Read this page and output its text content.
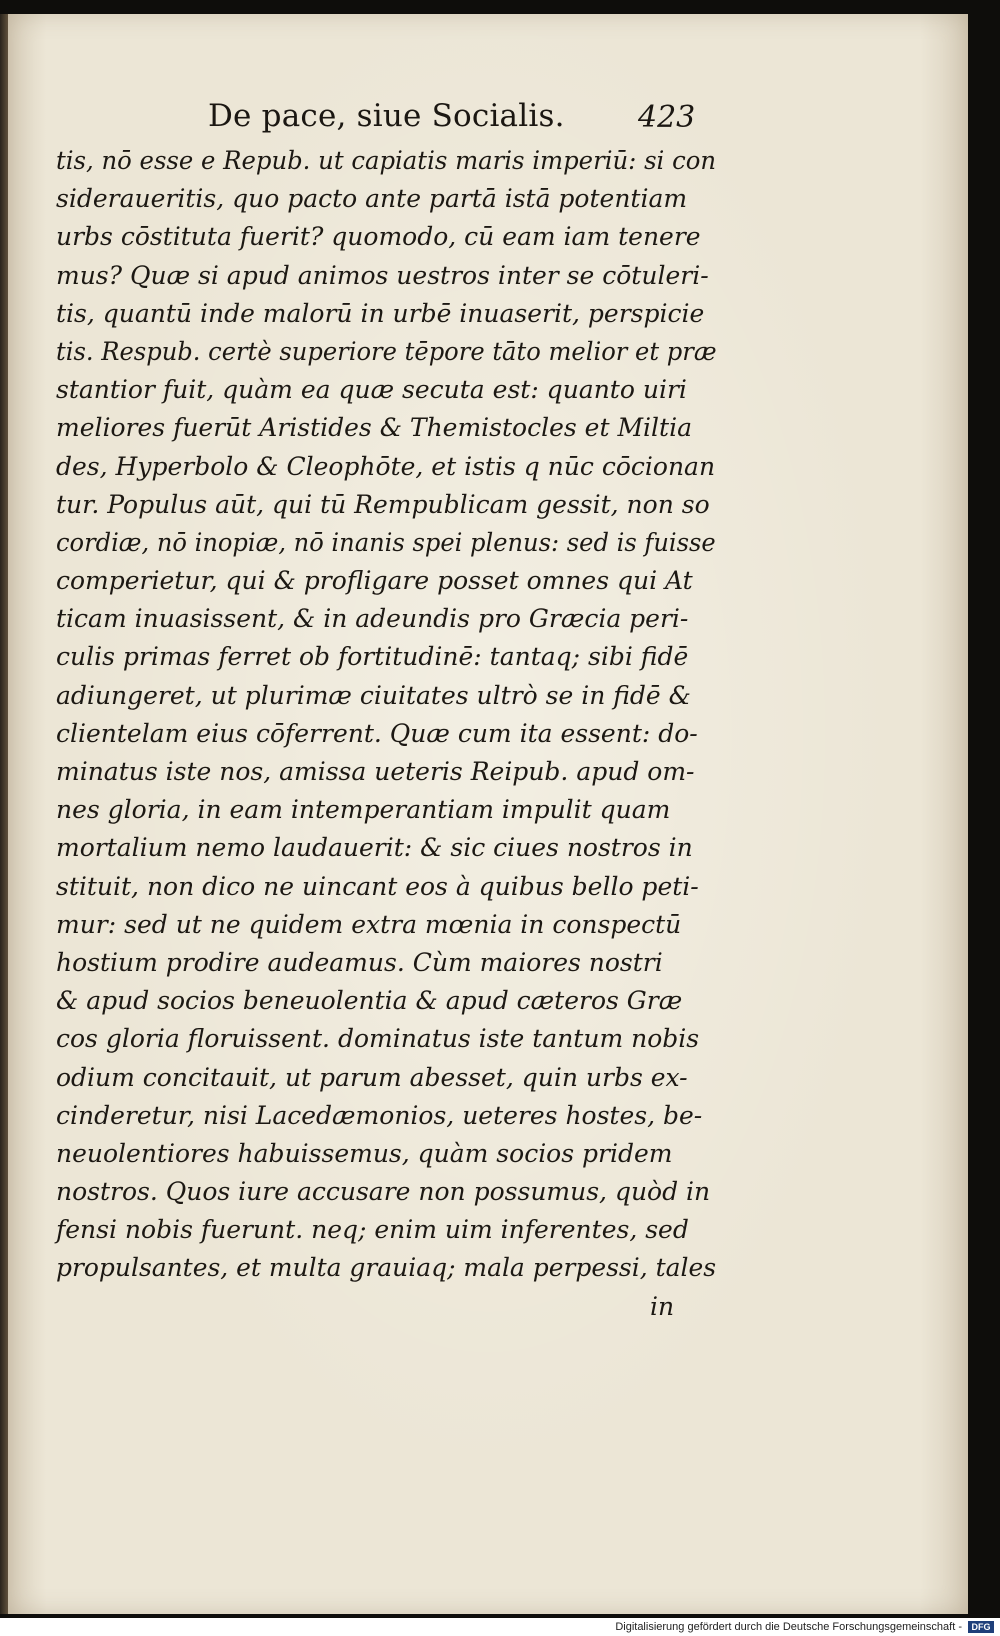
De pace, siue Socialis. 423
tis, nō esse e Repub. ut capiatis maris imperiū: si con
sideraueritis, quo pacto ante partā istā potentiam
urbs cōstituta fuerit? quomodo, cū eam iam tenere
mus? Quæ si apud animos uestros inter se cōtuleri-
tis, quantū inde malorū in urbē inuaserit, perspicie
tis. Respub. certè superiore tēpore tāto melior et præ
stantior fuit, quàm ea quæ secuta est: quanto uiri
meliores fuerūt Aristides & Themistocles et Miltia
des, Hyperbolo & Cleophōte, et istis q nūc cōcionan
tur. Populus aūt, qui tū Rempublicam gessit, non so
cordiæ, nō inopiæ, nō inanis spei plenus: sed is fuisse
comperietur, qui & profligare posset omnes qui At
ticam inuasissent, & in adeundis pro Græcia peri-
culis primas ferret ob fortitudinē: tantaq; sibi fidē
adiungeret, ut plurimæ ciuitates ultrò se in fidē &
clientelam eius cōferrent. Quæ cum ita essent: do-
minatus iste nos, amissa ueteris Reipub. apud om-
nes gloria, in eam intemperantiam impulit quam
mortalium nemo laudauerit: & sic ciues nostros in
stituit, non dico ne uincant eos à quibus bello peti-
mur: sed ut ne quidem extra mœnia in conspectū
hostium prodire audeamus. Cùm maiores nostri
& apud socios beneuolentia & apud cæteros Græ
cos gloria floruissent. dominatus iste tantum nobis
odium concitauit, ut parum abesset, quin urbs ex-
cinderetur, nisi Lacedæmonios, ueteres hostes, be-
neuolentiores habuissemus, quàm socios pridem
nostros. Quos iure accusare non possumus, quòd in
fensi nobis fuerunt. neq; enim uim inferentes, sed
propulsantes, et multa grauiaq; mala perpessi, tales
in
Digitalisierung gefördert durch die Deutsche Forschungsgemeinschaft -	DFG
